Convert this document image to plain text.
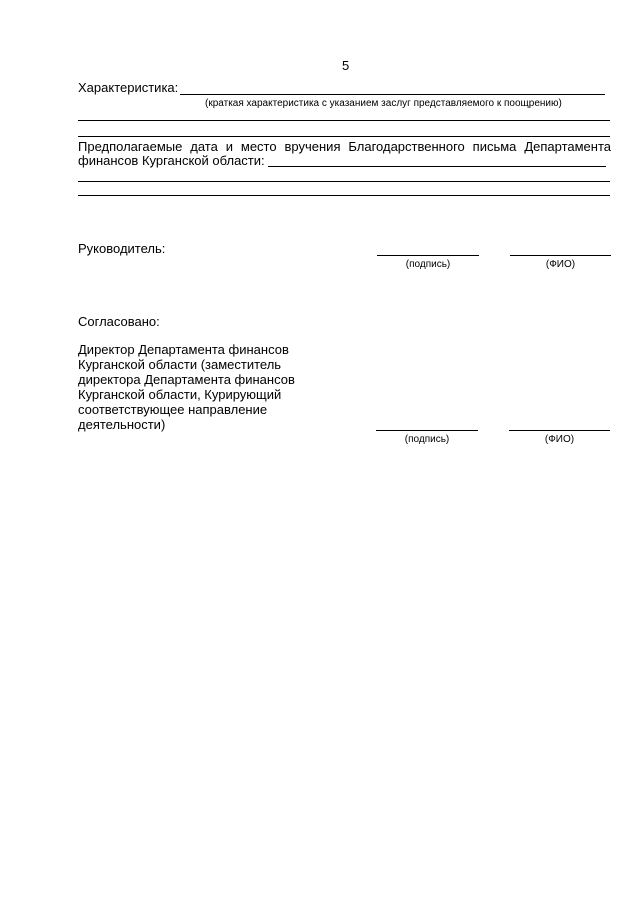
5
Характеристика:
(краткая характеристика с указанием заслуг представляемого к поощрению)
Предполагаемые дата и место вручения Благодарственного письма Департамента
финансов Курганской области:
Руководитель:
(подпись)	(ФИО)
Согласовано:
Директор Департамента финансов
Курганской области (заместитель
директора Департамента финансов
Курганской области, Курирующий
соответствующее направление
деятельности)
(подпись)	(ФИО)
